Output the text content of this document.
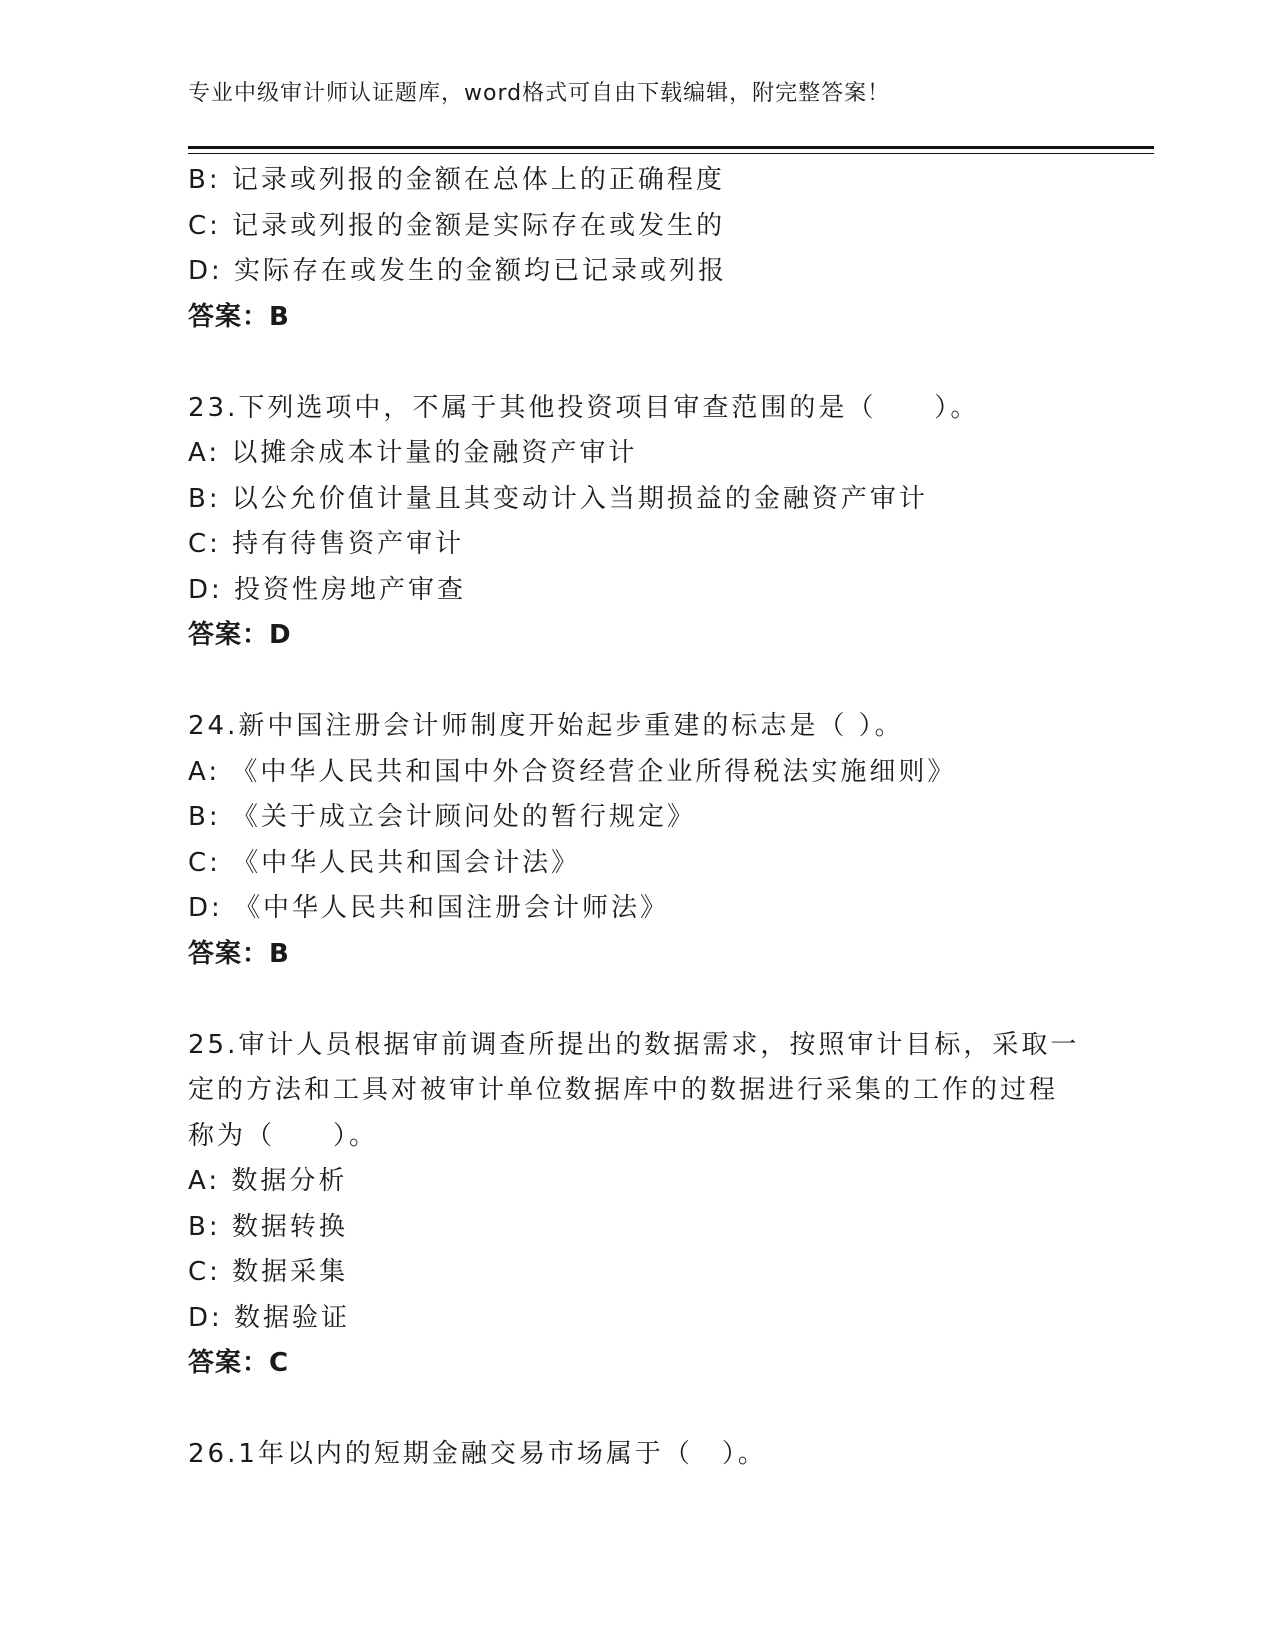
专业中级审计师认证题库，word格式可自由下载编辑，附完整答案！
B: 记录或列报的金额在总体上的正确程度
C: 记录或列报的金额是实际存在或发生的
D: 实际存在或发生的金额均已记录或列报
答案：B
23.下列选项中，不属于其他投资项目审查范围的是（　　）。
A: 以摊余成本计量的金融资产审计
B: 以公允价值计量且其变动计入当期损益的金融资产审计
C: 持有待售资产审计
D: 投资性房地产审查
答案：D
24.新中国注册会计师制度开始起步重建的标志是（ ）。
A: 《中华人民共和国中外合资经营企业所得税法实施细则》
B: 《关于成立会计顾问处的暂行规定》
C: 《中华人民共和国会计法》
D: 《中华人民共和国注册会计师法》
答案：B
25.审计人员根据审前调查所提出的数据需求，按照审计目标，采取一
定的方法和工具对被审计单位数据库中的数据进行采集的工作的过程
称为（　　）。
A: 数据分析
B: 数据转换
C: 数据采集
D: 数据验证
答案：C
26.1年以内的短期金融交易市场属于（　）。
